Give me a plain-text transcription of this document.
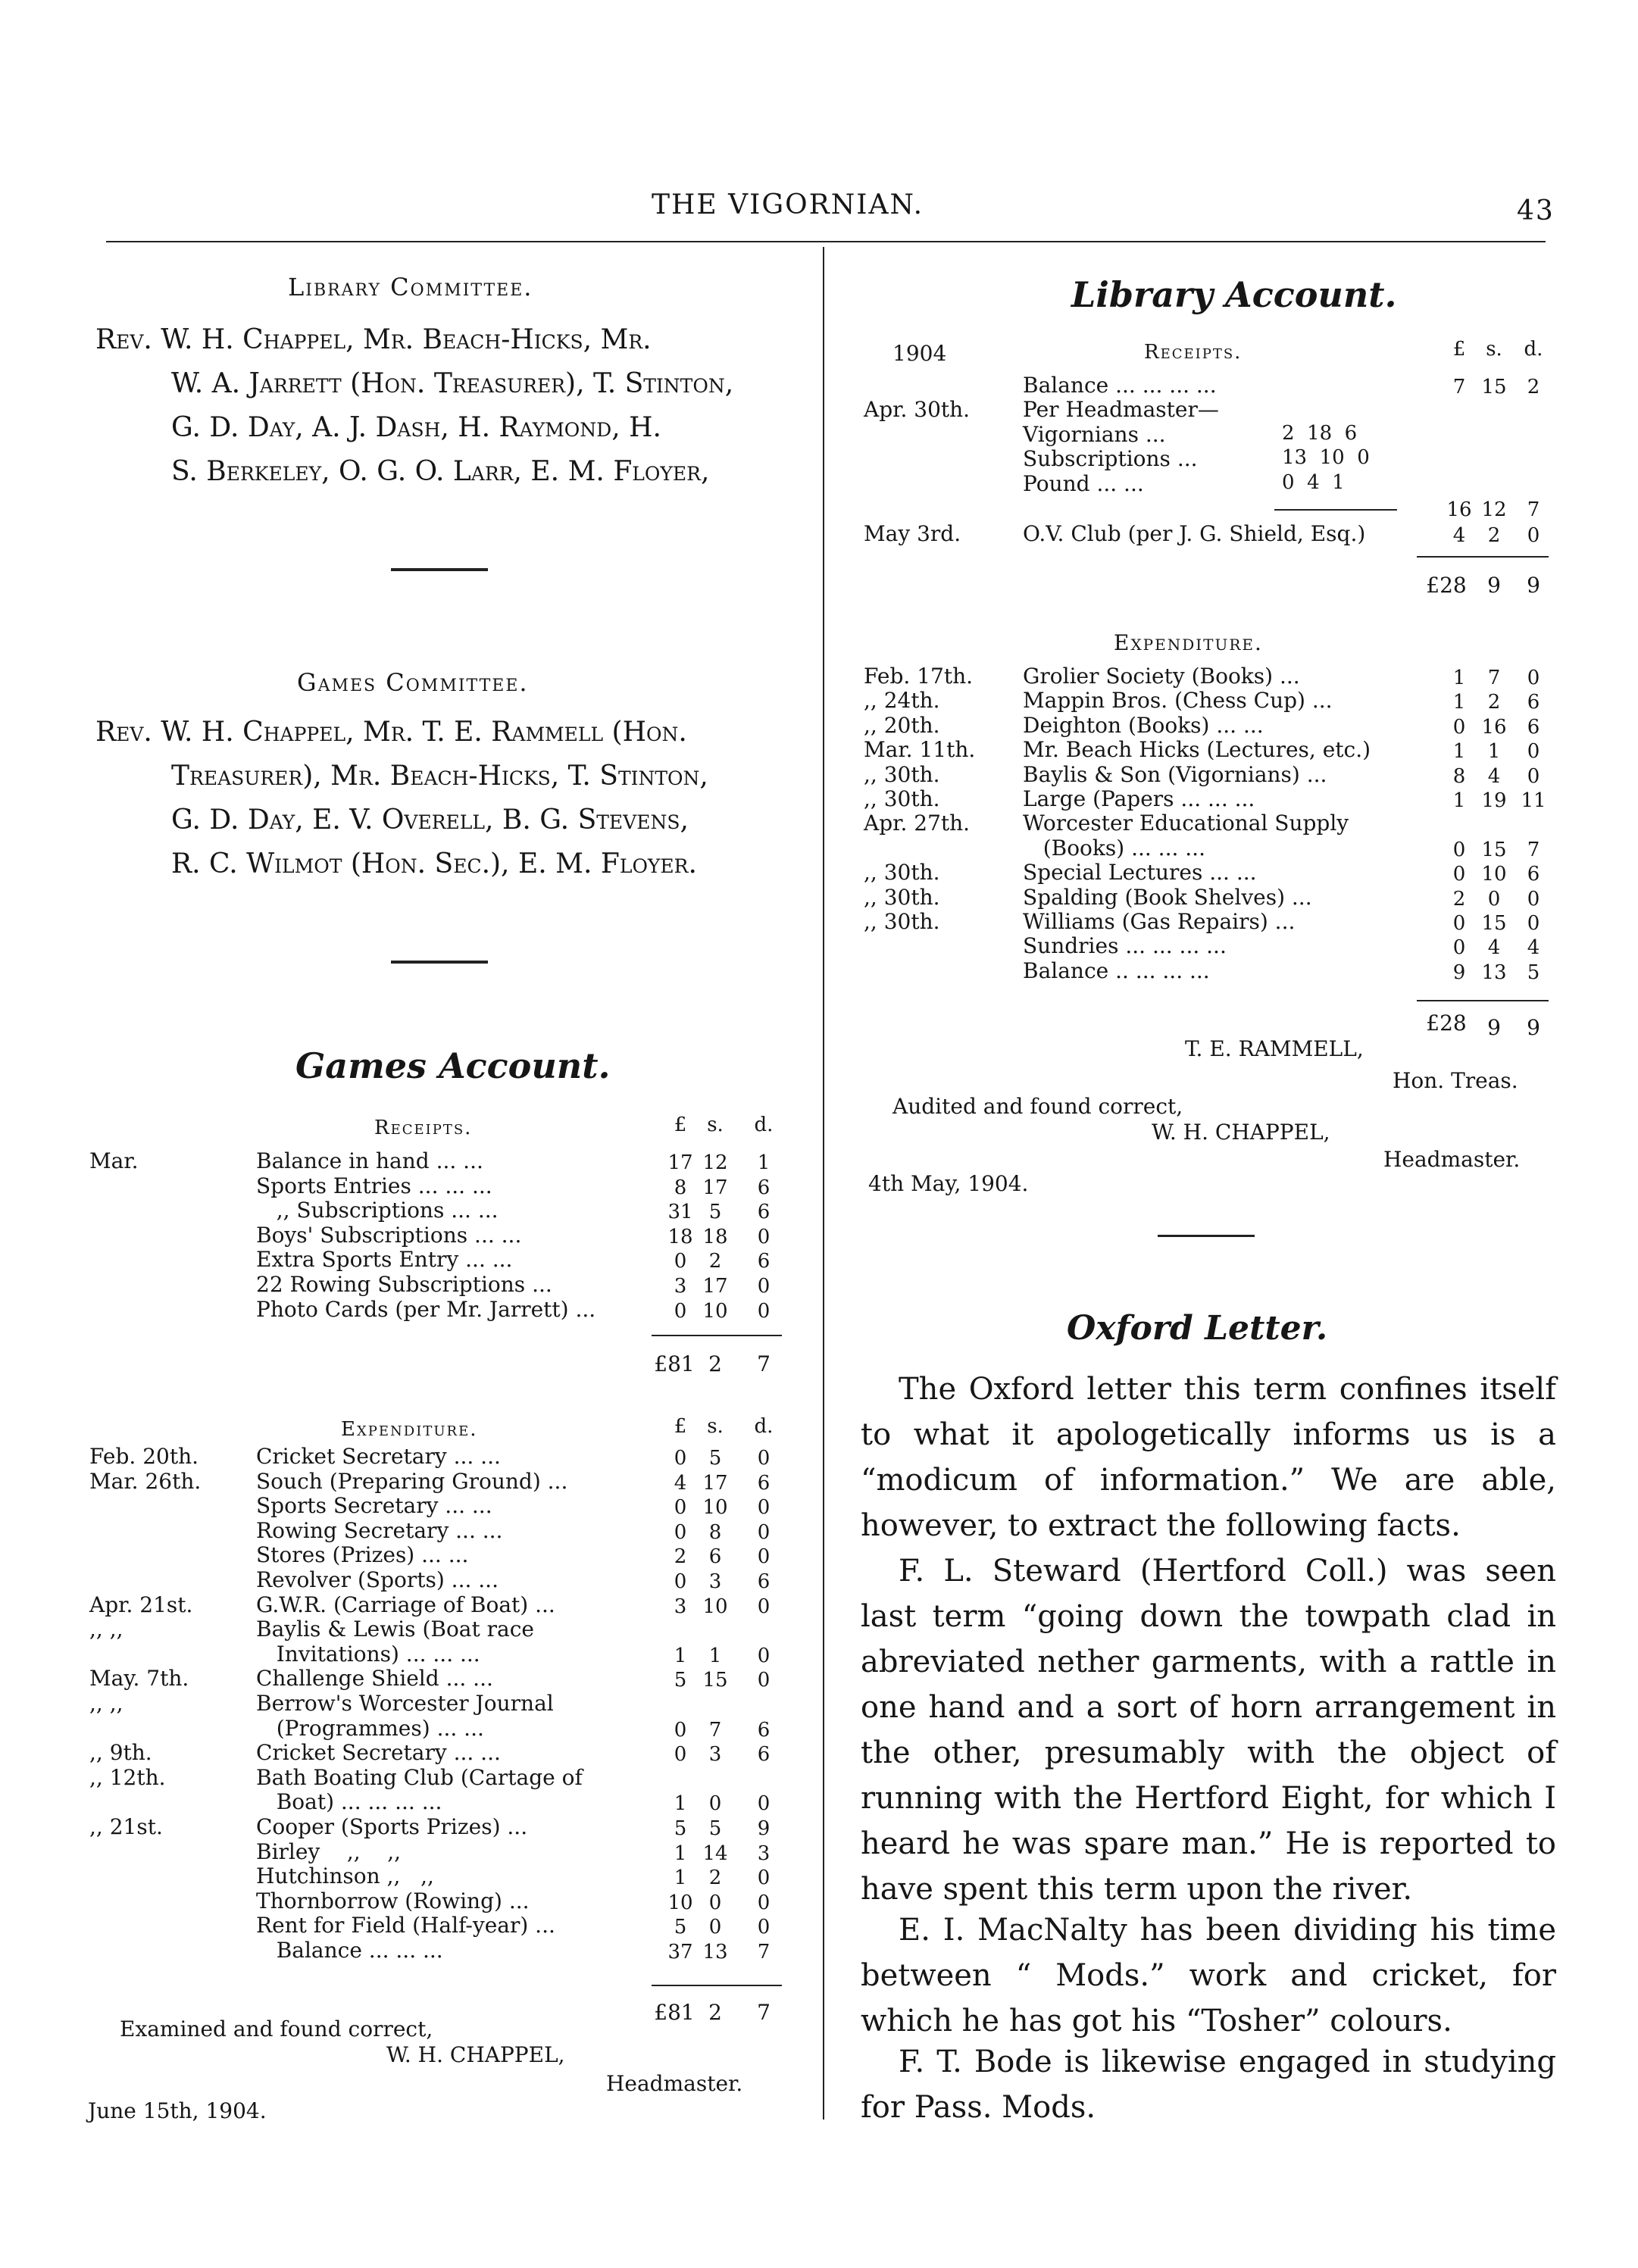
THE VIGORNIAN.	43
Library Committee.
Rev. W. H. Chappel, Mr. Beach-Hicks, Mr.
W. A. Jarrett (Hon. Treasurer), T. Stinton,
G. D. Day, A. J. Dash, H. Raymond, H.
S. Berkeley, O. G. O. Larr, E. M. Floyer,
Games Committee.
Rev. W. H. Chappel, Mr. T. E. Rammell (Hon.
Treasurer), Mr. Beach-Hicks, T. Stinton,
G. D. Day, E. V. Overell, B. G. Stevens,
R. C. Wilmot (Hon. Sec.), E. M. Floyer.
Games Account.
Receipts.	£	s.	d.
Mar.	Balance in hand ... ...	17 12	1
Sports Entries ... ... ...	8 17	6
,, Subscriptions ... ...	31 5	6
Boys' Subscriptions ... ...	18 18	0
Extra Sports Entry ... ...	0	2	6
22 Rowing Subscriptions ...	3 17	0
Photo Cards (per Mr. Jarrett) ...	0 10	0
£81 2	7
Expenditure.	£	s.	d.
Feb. 20th.	Cricket Secretary ... ...	0	5	0
Mar. 26th.	Souch (Preparing Ground) ...	4 17	6
Sports Secretary ... ...	0 10	0
Rowing Secretary ... ...	0	8	0
Stores (Prizes) ... ...	2	6	0
Revolver (Sports) ... ...	0	3	6
Apr. 21st.	G.W.R. (Carriage of Boat) ...	3 10	0
,, ,,	Baylis & Lewis (Boat race
Invitations) ... ... ...	1	1	0
May. 7th.	Challenge Shield ... ...	5 15	0
,, ,,	Berrow's Worcester Journal
(Programmes) ... ...	0	7	6
,, 9th.	Cricket Secretary ... ...	0	3	6
,, 12th.	Bath Boating Club (Cartage of
Boat) ... ... ... ...	1	0	0
,, 21st.	Cooper (Sports Prizes) ...	5	5	9
Birley    ,,    ,,	1 14	3
Hutchinson ,,   ,,	1	2	0
Thornborrow (Rowing) ...	10 0	0
Rent for Field (Half-year) ...	5	0	0
Balance ... ... ...	37 13	7
£81 2	7
Examined and found correct,
W. H. CHAPPEL,
Headmaster.
June 15th, 1904.
Library Account.
1904	Receipts.	£	s.	d.
Balance ... ... ... ...	7 15	2
Apr. 30th. Per Headmaster—
Vigornians ...	2  18  6
Subscriptions ...	13  10  0
Pound ... ...	0  4  1
16 12	7
May 3rd.	O.V. Club (per J. G. Shield, Esq.)	4	2	0
£28 9	9
Expenditure.
Feb. 17th. Grolier Society (Books) ...	1	7	0
,, 24th.	Mappin Bros. (Chess Cup) ...	1	2	6
,, 20th.	Deighton (Books) ... ...	0 16	6
Mar. 11th. Mr. Beach Hicks (Lectures, etc.)	1	1	0
,, 30th.	Baylis & Son (Vigornians) ...	8	4	0
,, 30th.	Large (Papers ... ... ...	1 19 11
Apr. 27th. Worcester Educational Supply
(Books) ... ... ...	0 15	7
,, 30th.	Special Lectures ... ...	0 10	6
,, 30th.	Spalding (Book Shelves) ...	2	0	0
,, 30th.	Williams (Gas Repairs) ...	0 15	0
Sundries ... ... ... ...	0	4	4
Balance .. ... ... ...	9 13	5
£28 9	9
T. E. RAMMELL,
Hon. Treas.
Audited and found correct,
W. H. CHAPPEL,
Headmaster.
4th May, 1904.
Oxford Letter.
The Oxford letter this term confines itself to what it apologetically informs us is a “modicum of information.” We are able, however, to extract the following facts.
F. L. Steward (Hertford Coll.) was seen last term “going down the towpath clad in abreviated nether garments, with a rattle in one hand and a sort of horn arrangement in the other, presumably with the object of running with the Hertford Eight, for which I heard he was spare man.” He is reported to have spent this term upon the river.
E. I. MacNalty has been dividing his time between “ Mods.” work and cricket, for which he has got his “Tosher” colours.
F. T. Bode is likewise engaged in studying for Pass. Mods.
